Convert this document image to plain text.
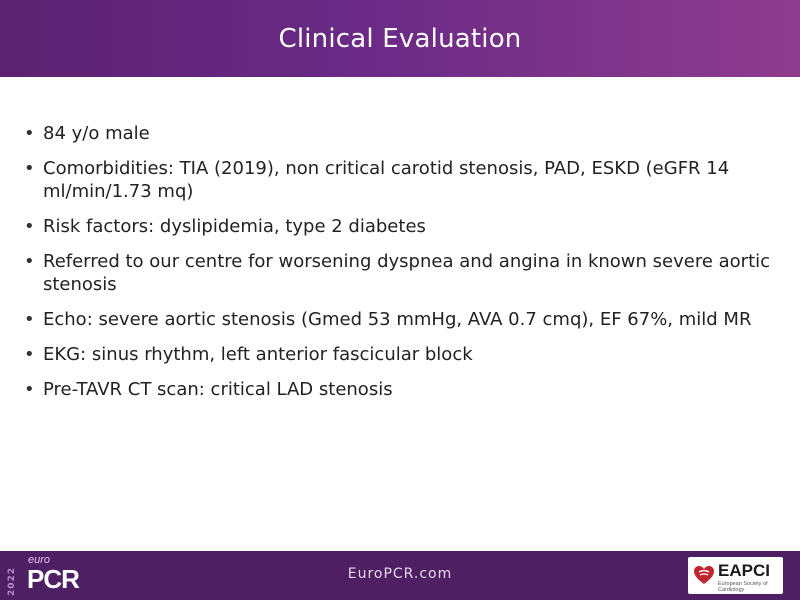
Clinical Evaluation
• 84 y/o male
• Comorbidities: TIA (2019), non critical carotid stenosis, PAD, ESKD (eGFR 14 ml/min/1.73 mq)
• Risk factors: dyslipidemia, type 2 diabetes
• Referred to our centre for worsening dyspnea and angina in known severe aortic stenosis
• Echo: severe aortic stenosis (Gmed 53 mmHg, AVA 0.7 cmq), EF 67%, mild MR
• EKG: sinus rhythm, left anterior fascicular block
• Pre-TAVR CT scan: critical LAD stenosis
2022
euro
PCR	EuroPCR.com	EAPCI
European Society of Cardiology
